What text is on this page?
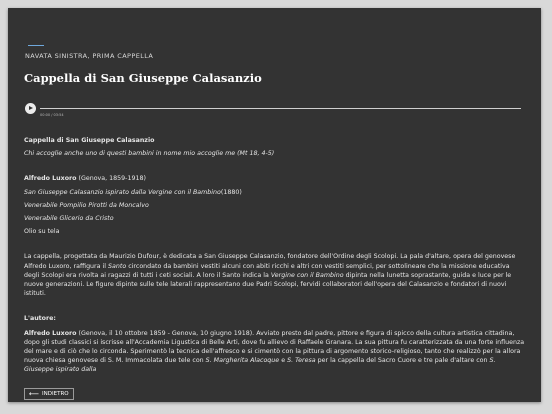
NAVATA SINISTRA, PRIMA CAPPELLA
Cappella di San Giuseppe Calasanzio
00:00 / 03:54

Cappella di San Giuseppe Calasanzio

Chi accoglie anche uno di questi bambini in nome mio accoglie me (Mt 18, 4-5)

Alfredo Luxoro (Genova, 1859-1918)

San Giuseppe Calasanzio ispirato dalla Vergine con il Bambino(1880)

Venerabile Pompilio Pirotti da Moncalvo

Venerabile Glicerio da Cristo

Olio su tela

La cappella, progettata da Maurizio Dufour, è dedicata a San Giuseppe Calasanzio, fondatore dell'Ordine degli Scolopi. La pala d'altare, opera del genovese Alfredo Luxoro, raffigura il Santo circondato da bambini vestiti alcuni con abiti ricchi e altri con vestiti semplici, per sottolineare che la missione educativa degli Scolopi era rivolta ai ragazzi di tutti i ceti sociali. A loro il Santo indica la Vergine con il Bambino dipinta nella lunetta soprastante, guida e luce per le nuove generazioni. Le figure dipinte sulle tele laterali rappresentano due Padri Scolopi, fervidi collaboratori dell'opera del Calasanzio e fondatori di nuovi istituti.

L'autore:

Alfredo Luxoro (Genova, il 10 ottobre 1859 - Genova, 10 giugno 1918). Avviato presto dal padre, pittore e figura di spicco della cultura artistica cittadina, dopo gli studi classici si iscrisse all'Accademia Ligustica di Belle Arti, dove fu allievo di Raffaele Granara. La sua pittura fu caratterizzata da una forte influenza del mare e di ciò che lo circonda. Sperimentò la tecnica dell'affresco e si cimentò con la pittura di argomento storico-religioso, tanto che realizzò per la allora nuova chiesa genovese di S. M. Immacolata due tele con S. Margherita Alacoque e S. Teresa per la cappella del Sacro Cuore e tre pale d'altare con S. Giuseppe ispirato dalla

⟵ INDIETRO
